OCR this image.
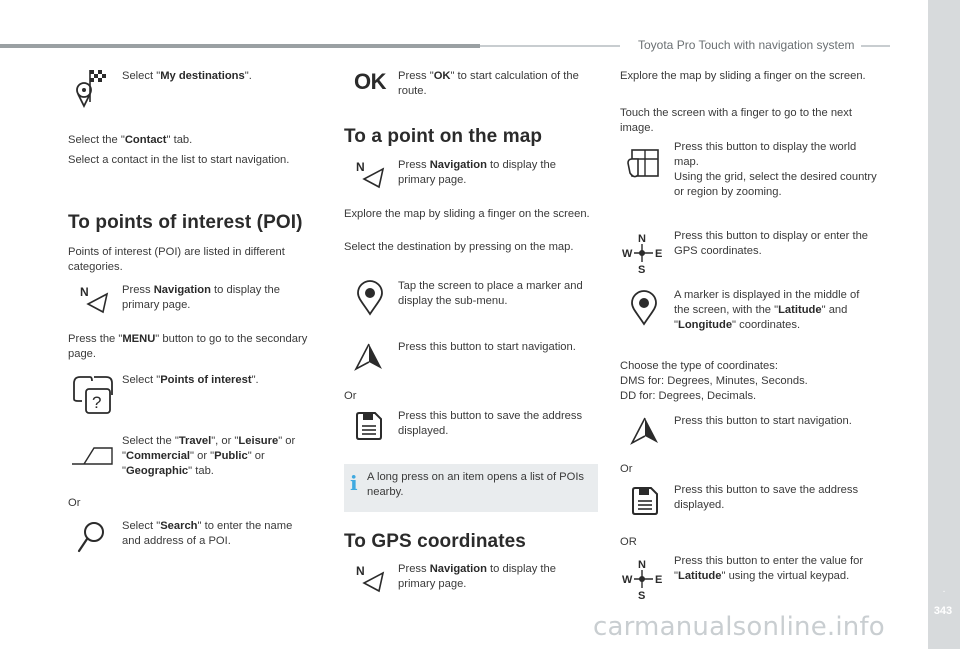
Toyota Pro Touch with navigation system
.
343
Select "My destinations".
Select the "Contact" tab.
Select a contact in the list to start navigation.
To points of interest (POI)
Points of interest (POI) are listed in different categories.
N	Press Navigation to display the primary page.
Press the "MENU" button to go to the secondary page.
?
Select "Points of interest".
Select the "Travel", or "Leisure" or "Commercial" or "Public" or "Geographic" tab.
Or
Select "Search" to enter the name and address of a POI.
OK Press "OK" to start calculation of the route.
To a point on the map
N	Press Navigation to display the primary page.
Explore the map by sliding a finger on the screen.
Select the destination by pressing on the map.
Tap the screen to place a marker and display the sub-menu.
Press this button to start navigation.
Or
Press this button to save the address displayed.
i A long press on an item opens a list of POIs nearby.
To GPS coordinates
N	Press Navigation to display the primary page.
Explore the map by sliding a finger on the screen.
Touch the screen with a finger to go to the next image.
Press this button to display the world map.
Using the grid, select the desired country or region by zooming.
N
W E
S
Press this button to display or enter the GPS coordinates.
A marker is displayed in the middle of the screen, with the "Latitude" and "Longitude" coordinates.
Choose the type of coordinates:
DMS for: Degrees, Minutes, Seconds.
DD for: Degrees, Decimals.
Press this button to start navigation.
Or
Press this button to save the address displayed.
OR
N
W E
S
Press this button to enter the value for "Latitude" using the virtual keypad.
carmanualsonline.info
